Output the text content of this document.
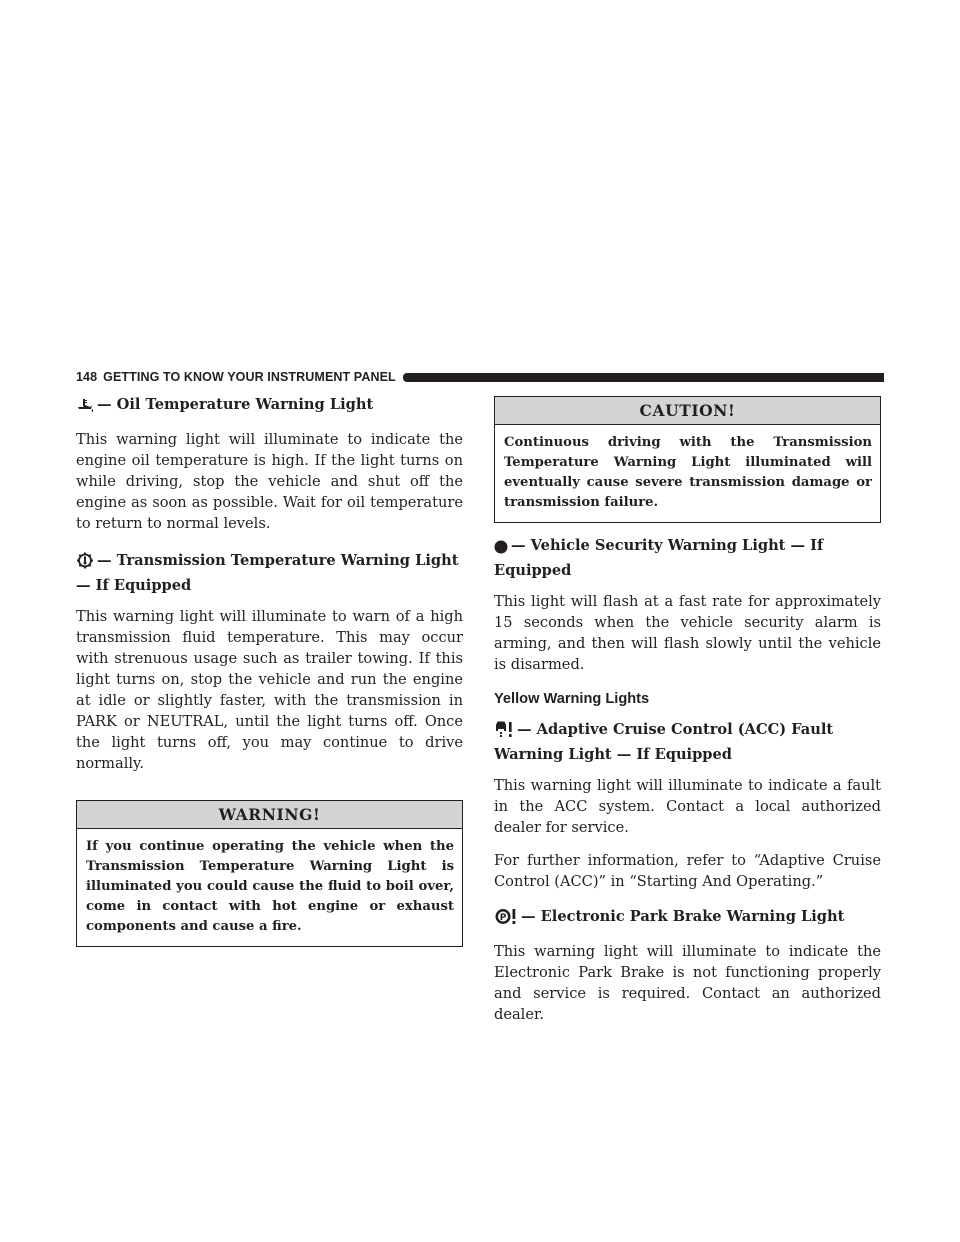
148 GETTING TO KNOW YOUR INSTRUMENT PANEL
— Oil Temperature Warning Light

This warning light will illuminate to indicate the engine oil temperature is high. If the light turns on while driving, stop the vehicle and shut off the engine as soon as possible. Wait for oil temperature to return to normal levels.

— Transmission Temperature Warning Light — If Equipped

This warning light will illuminate to warn of a high transmission fluid temperature. This may occur with strenuous usage such as trailer towing. If this light turns on, stop the vehicle and run the engine at idle or slightly faster, with the transmission in PARK or NEUTRAL, until the light turns off. Once the light turns off, you may continue to drive normally.

WARNING!
If you continue operating the vehicle when the Transmission Temperature Warning Light is illuminated you could cause the fluid to boil over, come in contact with hot engine or exhaust components and cause a fire.
CAUTION!
Continuous driving with the Transmission Temperature Warning Light illuminated will eventually cause severe transmission damage or transmission failure.
— Vehicle Security Warning Light — If Equipped

This light will flash at a fast rate for approximately 15 seconds when the vehicle security alarm is arming, and then will flash slowly until the vehicle is disarmed.

Yellow Warning Lights
— Adaptive Cruise Control (ACC) Fault Warning Light — If Equipped

This warning light will illuminate to indicate a fault in the ACC system. Contact a local authorized dealer for service.

For further information, refer to “Adaptive Cruise Control (ACC)” in “Starting And Operating.”

P — Electronic Park Brake Warning Light

This warning light will illuminate to indicate the Electronic Park Brake is not functioning properly and service is required. Contact an authorized dealer.
